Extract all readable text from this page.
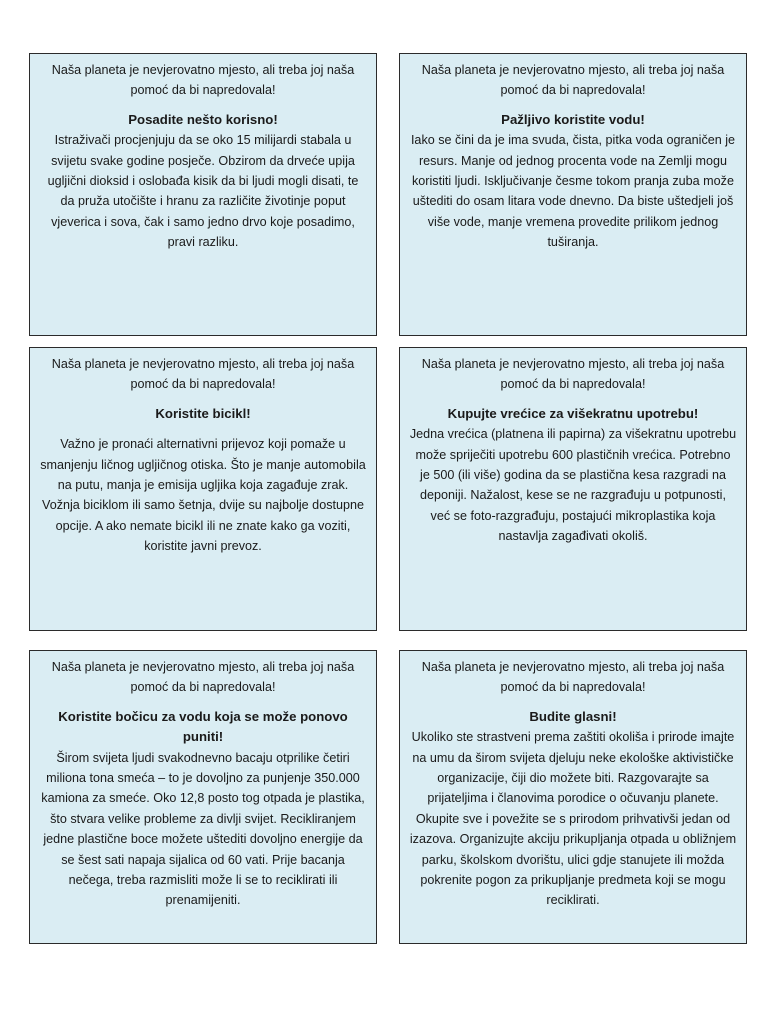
Naša planeta je nevjerovatno mjesto, ali treba joj naša pomoć da bi napredovala!

Posadite nešto korisno!

Istraživači procjenjuju da se oko 15 milijardi stabala u svijetu svake godine posječe. Obzirom da drveće upija ugljični dioksid i oslobađa kisik da bi ljudi mogli disati, te da pruža utočište i hranu za različite životinje poput vjeverica i sova, čak i samo jedno drvo koje posadimo, pravi razliku.

Naša planeta je nevjerovatno mjesto, ali treba joj naša pomoć da bi napredovala!

Pažljivo koristite vodu!

Iako se čini da je ima svuda, čista, pitka voda ograničen je resurs. Manje od jednog procenta vode na Zemlji mogu koristiti ljudi. Isključivanje česme tokom pranja zuba može uštediti do osam litara vode dnevno. Da biste uštedjeli još više vode, manje vremena provedite prilikom jednog tuširanja.

Naša planeta je nevjerovatno mjesto, ali treba joj naša pomoć da bi napredovala!

Koristite bicikl!

Važno je pronaći alternativni prijevoz koji pomaže u smanjenju ličnog ugljičnog otiska. Što je manje automobila na putu, manja je emisija ugljika koja zagađuje zrak. Vožnja biciklom ili samo šetnja, dvije su najbolje dostupne opcije. A ako nemate bicikl ili ne znate kako ga voziti, koristite javni prevoz.

Naša planeta je nevjerovatno mjesto, ali treba joj naša pomoć da bi napredovala!

Kupujte vrećice za višekratnu upotrebu!

Jedna vrećica (platnena ili papirna) za višekratnu upotrebu može spriječiti upotrebu 600 plastičnih vrećica. Potrebno je 500 (ili više) godina da se plastična kesa razgradi na deponiji. Nažalost, kese se ne razgrađuju u potpunosti, već se foto-razgrađuju, postajući mikroplastika koja nastavlja zagađivati okoliš.

Naša planeta je nevjerovatno mjesto, ali treba joj naša pomoć da bi napredovala!

Koristite bočicu za vodu koja se može ponovo puniti!

Širom svijeta ljudi svakodnevno bacaju otprilike četiri miliona tona smeća – to je dovoljno za punjenje 350.000 kamiona za smeće. Oko 12,8 posto tog otpada je plastika, što stvara velike probleme za divlji svijet. Recikliranjem jedne plastične boce možete uštediti dovoljno energije da se šest sati napaja sijalica od 60 vati. Prije bacanja nečega, treba razmisliti može li se to reciklirati ili prenamijeniti.

Naša planeta je nevjerovatno mjesto, ali treba joj naša pomoć da bi napredovala!

Budite glasni!

Ukoliko ste strastveni prema zaštiti okoliša i prirode imajte na umu da širom svijeta djeluju neke ekološke aktivističke organizacije, čiji dio možete biti. Razgovarajte sa prijateljima i članovima porodice o očuvanju planete. Okupite sve i povežite se s prirodom prihvativši jedan od izazova. Organizujte akciju prikupljanja otpada u obližnjem parku, školskom dvorištu, ulici gdje stanujete ili možda pokrenite pogon za prikupljanje predmeta koji se mogu reciklirati.
